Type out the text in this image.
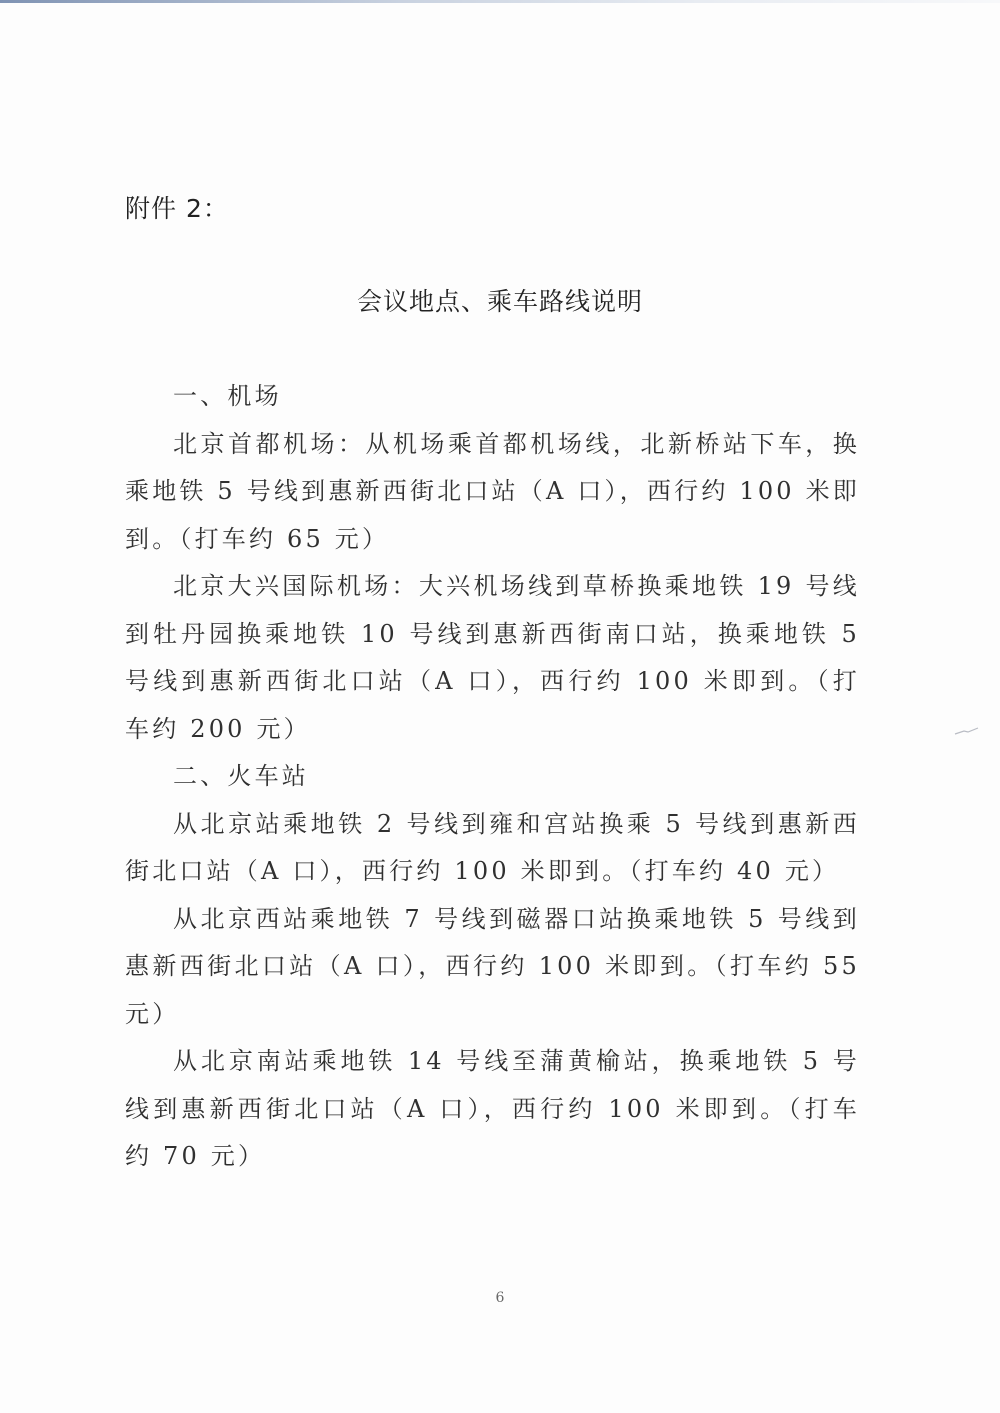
附件 2：
会议地点、乘车路线说明

一、机场

北京首都机场：从机场乘首都机场线，北新桥站下车，换乘地铁 5 号线到惠新西街北口站（A 口），西行约 100 米即到。（打车约 65 元）

北京大兴国际机场：大兴机场线到草桥换乘地铁 19 号线到牡丹园换乘地铁 10 号线到惠新西街南口站，换乘地铁 5 号线到惠新西街北口站（A 口），西行约 100 米即到。（打车约 200 元）

二、火车站

从北京站乘地铁 2 号线到雍和宫站换乘 5 号线到惠新西街北口站（A 口），西行约 100 米即到。（打车约 40 元）

从北京西站乘地铁 7 号线到磁器口站换乘地铁 5 号线到惠新西街北口站（A 口），西行约 100 米即到。（打车约 55 元）

从北京南站乘地铁 14 号线至蒲黄榆站，换乘地铁 5 号线到惠新西街北口站（A 口），西行约 100 米即到。（打车约 70 元）

6
